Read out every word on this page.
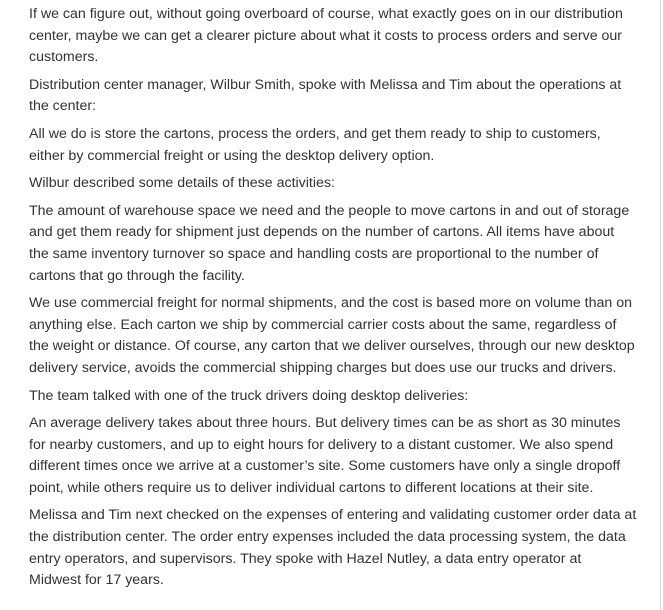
If we can figure out, without going overboard of course, what exactly goes on in our distribution center, maybe we can get a clearer picture about what it costs to process orders and serve our customers.

Distribution center manager, Wilbur Smith, spoke with Melissa and Tim about the operations at the center:

All we do is store the cartons, process the orders, and get them ready to ship to customers, either by commercial freight or using the desktop delivery option.

Wilbur described some details of these activities:

The amount of warehouse space we need and the people to move cartons in and out of storage and get them ready for shipment just depends on the number of cartons. All items have about the same inventory turnover so space and handling costs are proportional to the number of cartons that go through the facility.

We use commercial freight for normal shipments, and the cost is based more on volume than on anything else. Each carton we ship by commercial carrier costs about the same, regardless of the weight or distance. Of course, any carton that we deliver ourselves, through our new desktop delivery service, avoids the commercial shipping charges but does use our trucks and drivers.

The team talked with one of the truck drivers doing desktop deliveries:

An average delivery takes about three hours. But delivery times can be as short as 30 minutes for nearby customers, and up to eight hours for delivery to a distant customer. We also spend different times once we arrive at a customer’s site. Some customers have only a single dropoff point, while others require us to deliver individual cartons to different locations at their site.

Melissa and Tim next checked on the expenses of entering and validating customer order data at the distribution center. The order entry expenses included the data processing system, the data entry operators, and supervisors. They spoke with Hazel Nutley, a data entry operator at Midwest for 17 years.
